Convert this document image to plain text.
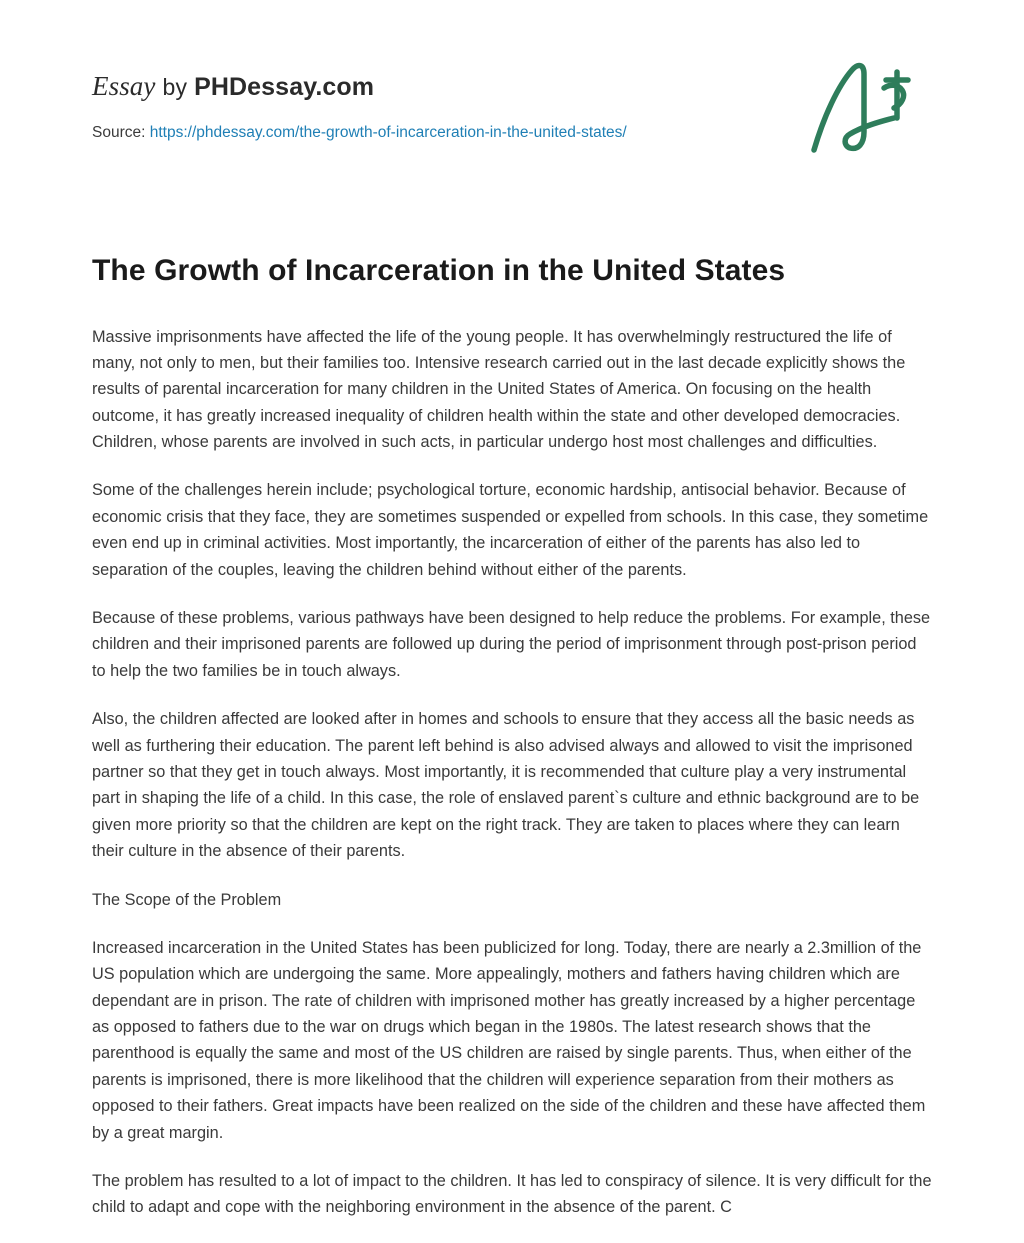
Essay by PHDessay.com
Source: https://phdessay.com/the-growth-of-incarceration-in-the-united-states/
The Growth of Incarceration in the United States

Massive imprisonments have affected the life of the young people. It has overwhelmingly restructured the life of many, not only to men, but their families too. Intensive research carried out in the last decade explicitly shows the results of parental incarceration for many children in the United States of America. On focusing on the health outcome, it has greatly increased inequality of children health within the state and other developed democracies. Children, whose parents are involved in such acts, in particular undergo host most challenges and difficulties.

Some of the challenges herein include; psychological torture, economic hardship, antisocial behavior. Because of economic crisis that they face, they are sometimes suspended or expelled from schools. In this case, they sometime even end up in criminal activities. Most importantly, the incarceration of either of the parents has also led to separation of the couples, leaving the children behind without either of the parents.

Because of these problems, various pathways have been designed to help reduce the problems. For example, these children and their imprisoned parents are followed up during the period of imprisonment through post-prison period to help the two families be in touch always.

Also, the children affected are looked after in homes and schools to ensure that they access all the basic needs as well as furthering their education. The parent left behind is also advised always and allowed to visit the imprisoned partner so that they get in touch always. Most importantly, it is recommended that culture play a very instrumental part in shaping the life of a child. In this case, the role of enslaved parent`s culture and ethnic background are to be given more priority so that the children are kept on the right track. They are taken to places where they can learn their culture in the absence of their parents.

The Scope of the Problem

Increased incarceration in the United States has been publicized for long. Today, there are nearly a 2.3million of the US population which are undergoing the same. More appealingly, mothers and fathers having children which are dependant are in prison. The rate of children with imprisoned mother has greatly increased by a higher percentage as opposed to fathers due to the war on drugs which began in the 1980s. The latest research shows that the parenthood is equally the same and most of the US children are raised by single parents. Thus, when either of the parents is imprisoned, there is more likelihood that the children will experience separation from their mothers as opposed to their fathers. Great impacts have been realized on the side of the children and these have affected them by a great margin.

The problem has resulted to a lot of impact to the children. It has led to conspiracy of silence. It is very difficult for the child to adapt and cope with the neighboring environment in the absence of the parent. C
